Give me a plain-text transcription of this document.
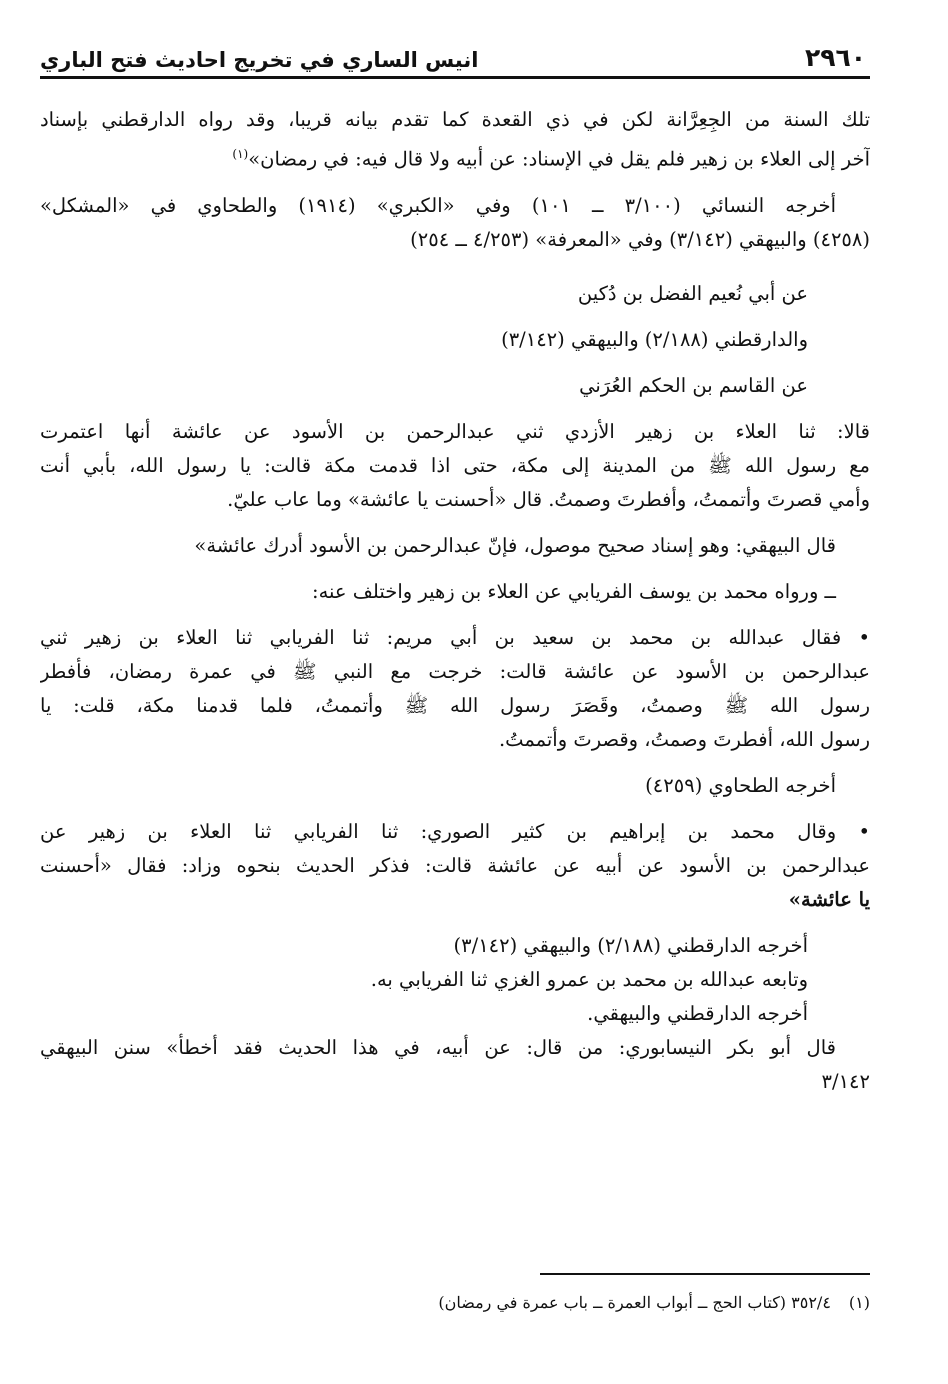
انيس الساري في تخريج احاديث فتح الباري	٢٩٦٠
تلك السنة من الجِعِرَّانة لكن في ذي القعدة كما تقدم بيانه قريبا، وقد رواه الدارقطني بإسناد
آخر إلى العلاء بن زهير فلم يقل في الإسناد: عن أبيه ولا قال فيه: في رمضان»$^{(١)}$
أخرجه النسائي (٣/١٠٠ ــ ١٠١) وفي «الكبري» (١٩١٤) والطحاوي في «المشكل»
(٤٢٥٨) والبيهقي (٣/١٤٢) وفي «المعرفة» (٤/٢٥٣ ــ ٢٥٤)
عن أبي نُعيم الفضل بن دُكين
والدارقطني (٢/١٨٨) والبيهقي (٣/١٤٢)
عن القاسم بن الحكم العُرَني
قالا: ثنا العلاء بن زهير الأزدي ثني عبدالرحمن بن الأسود عن عائشة أنها اعتمرت
مع رسول الله ﷺ من المدينة إلى مكة، حتى اذا قدمت مكة قالت: يا رسول الله، بأبي أنت
وأمي قصرتَ وأتممتُ، وأفطرتَ وصمتُ. قال «أحسنت يا عائشة» وما عاب عليّ.
قال البيهقي: وهو إسناد صحيح موصول، فإنّ عبدالرحمن بن الأسود أدرك عائشة»
ــ ورواه محمد بن يوسف الفريابي عن العلاء بن زهير واختلف عنه:
• فقال عبدالله بن محمد بن سعيد بن أبي مريم: ثنا الفريابي ثنا العلاء بن زهير ثني
عبدالرحمن بن الأسود عن عائشة قالت: خرجت مع النبي ﷺ في عمرة رمضان، فأفطر
رسول الله ﷺ وصمتُ، وقَصَرَ رسول الله ﷺ وأتممتُ، فلما قدمنا مكة، قلت: يا
رسول الله، أفطرتَ وصمتُ، وقصرتَ وأتممتُ.
أخرجه الطحاوي (٤٢٥٩)
• وقال محمد بن إبراهيم بن كثير الصوري: ثنا الفريابي ثنا العلاء بن زهير عن
عبدالرحمن بن الأسود عن أبيه عن عائشة قالت: فذكر الحديث بنحوه وزاد: فقال «أحسنت
يا عائشة»
أخرجه الدارقطني (٢/١٨٨) والبيهقي (٣/١٤٢)
وتابعه عبدالله بن محمد بن عمرو الغزي ثنا الفريابي به.
أخرجه الدارقطني والبيهقي.
قال أبو بكر النيسابوري: من قال: عن أبيه، في هذا الحديث فقد أخطأ» سنن البيهقي
٣/١٤٢
(١)٣٥٢/٤ (كتاب الحج ــ أبواب العمرة ــ باب عمرة في رمضان)
